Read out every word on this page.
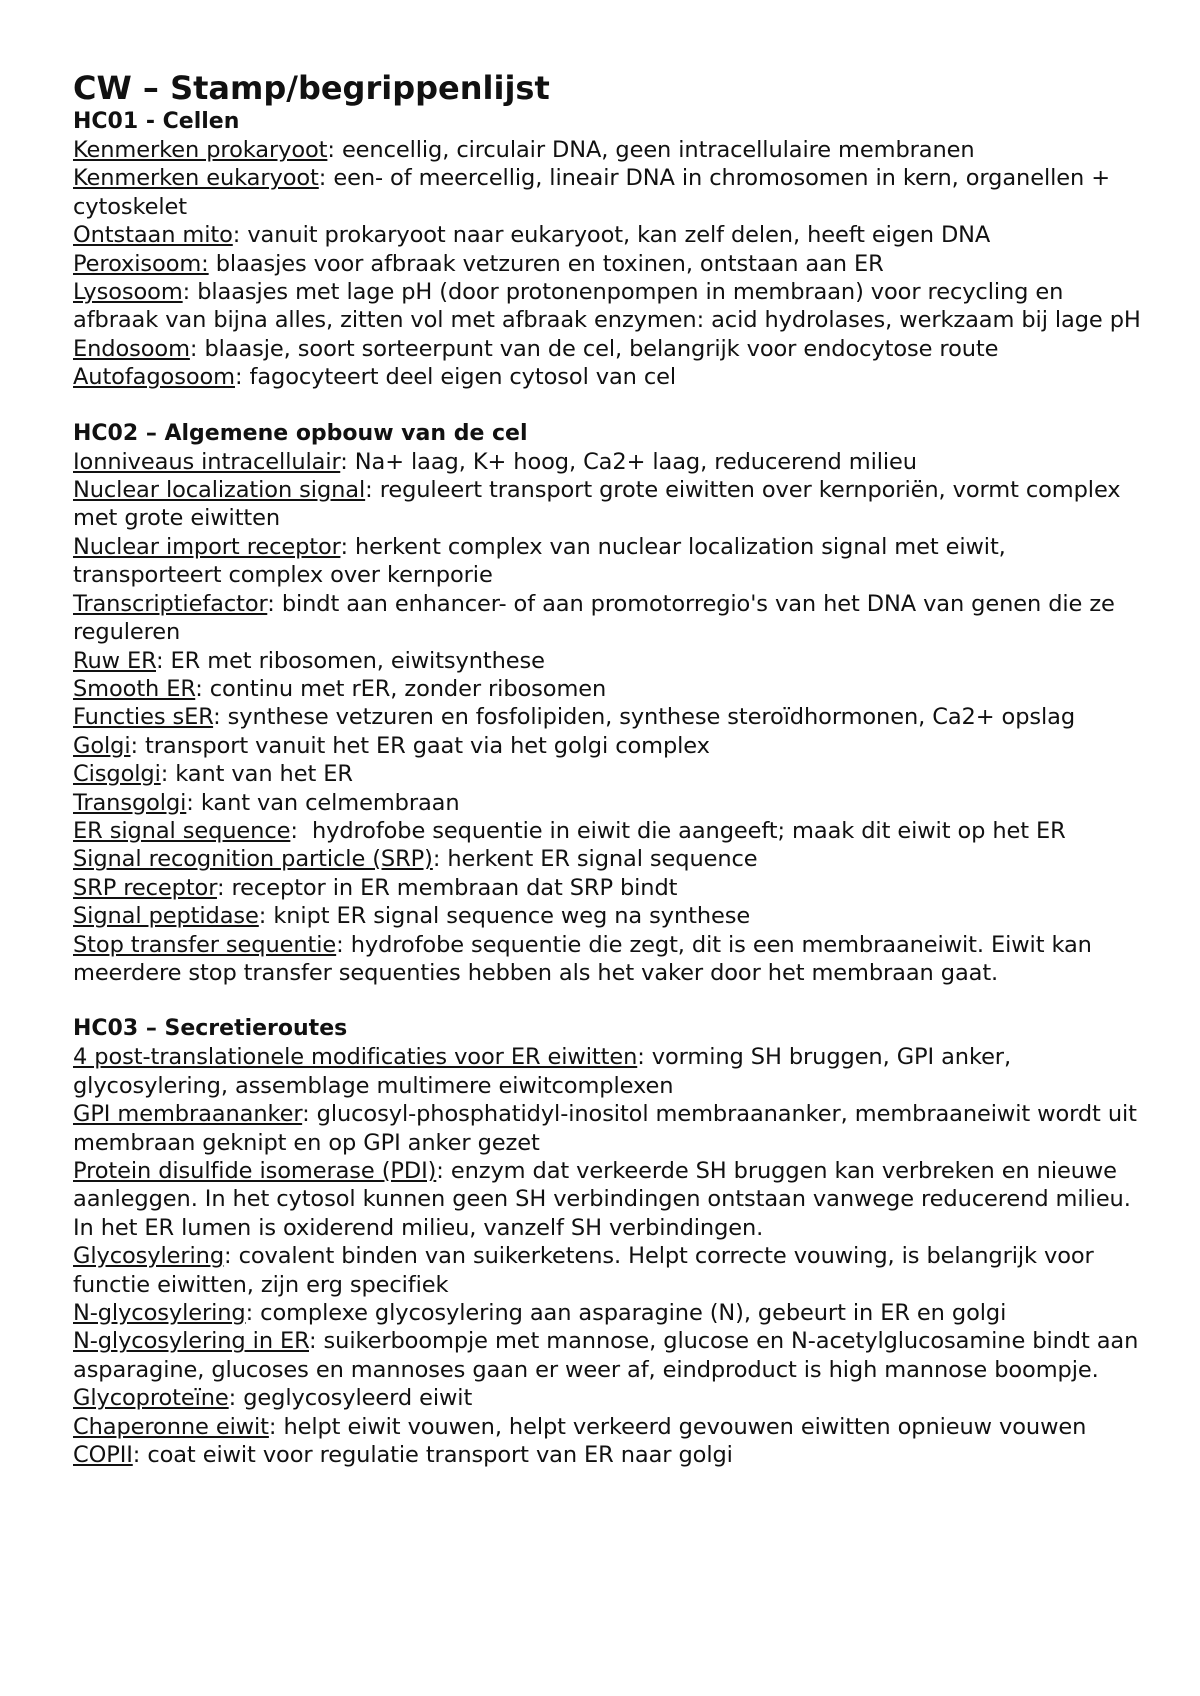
CW – Stamp/begrippenlijst
HC01 - Cellen

Kenmerken prokaryoot: eencellig, circulair DNA, geen intracellulaire membranen

Kenmerken eukaryoot: een- of meercellig, lineair DNA in chromosomen in kern, organellen + cytoskelet

Ontstaan mito: vanuit prokaryoot naar eukaryoot, kan zelf delen, heeft eigen DNA

Peroxisoom: blaasjes voor afbraak vetzuren en toxinen, ontstaan aan ER

Lysosoom: blaasjes met lage pH (door protonenpompen in membraan) voor recycling en afbraak van bijna alles, zitten vol met afbraak enzymen: acid hydrolases, werkzaam bij lage pH

Endosoom: blaasje, soort sorteerpunt van de cel, belangrijk voor endocytose route

Autofagosoom: fagocyteert deel eigen cytosol van cel

HC02 – Algemene opbouw van de cel

Ionniveaus intracellulair: Na+ laag, K+ hoog, Ca2+ laag, reducerend milieu

Nuclear localization signal: reguleert transport grote eiwitten over kernporiën, vormt complex met grote eiwitten

Nuclear import receptor: herkent complex van nuclear localization signal met eiwit, transporteert complex over kernporie

Transcriptiefactor: bindt aan enhancer- of aan promotorregio's van het DNA van genen die ze reguleren

Ruw ER: ER met ribosomen, eiwitsynthese

Smooth ER: continu met rER, zonder ribosomen

Functies sER: synthese vetzuren en fosfolipiden, synthese steroïdhormonen, Ca2+ opslag

Golgi: transport vanuit het ER gaat via het golgi complex

Cisgolgi: kant van het ER

Transgolgi: kant van celmembraan

ER signal sequence:  hydrofobe sequentie in eiwit die aangeeft; maak dit eiwit op het ER

Signal recognition particle (SRP): herkent ER signal sequence

SRP receptor: receptor in ER membraan dat SRP bindt

Signal peptidase: knipt ER signal sequence weg na synthese

Stop transfer sequentie: hydrofobe sequentie die zegt, dit is een membraaneiwit. Eiwit kan meerdere stop transfer sequenties hebben als het vaker door het membraan gaat.

HC03 – Secretieroutes

4 post-translationele modificaties voor ER eiwitten: vorming SH bruggen, GPI anker, glycosylering, assemblage multimere eiwitcomplexen

GPI membraananker: glucosyl-phosphatidyl-inositol membraananker, membraaneiwit wordt uit membraan geknipt en op GPI anker gezet

Protein disulfide isomerase (PDI): enzym dat verkeerde SH bruggen kan verbreken en nieuwe aanleggen. In het cytosol kunnen geen SH verbindingen ontstaan vanwege reducerend milieu. In het ER lumen is oxiderend milieu, vanzelf SH verbindingen.

Glycosylering: covalent binden van suikerketens. Helpt correcte vouwing, is belangrijk voor functie eiwitten, zijn erg specifiek

N-glycosylering: complexe glycosylering aan asparagine (N), gebeurt in ER en golgi

N-glycosylering in ER: suikerboompje met mannose, glucose en N-acetylglucosamine bindt aan asparagine, glucoses en mannoses gaan er weer af, eindproduct is high mannose boompje.

Glycoproteïne: geglycosyleerd eiwit

Chaperonne eiwit: helpt eiwit vouwen, helpt verkeerd gevouwen eiwitten opnieuw vouwen

COPII: coat eiwit voor regulatie transport van ER naar golgi
